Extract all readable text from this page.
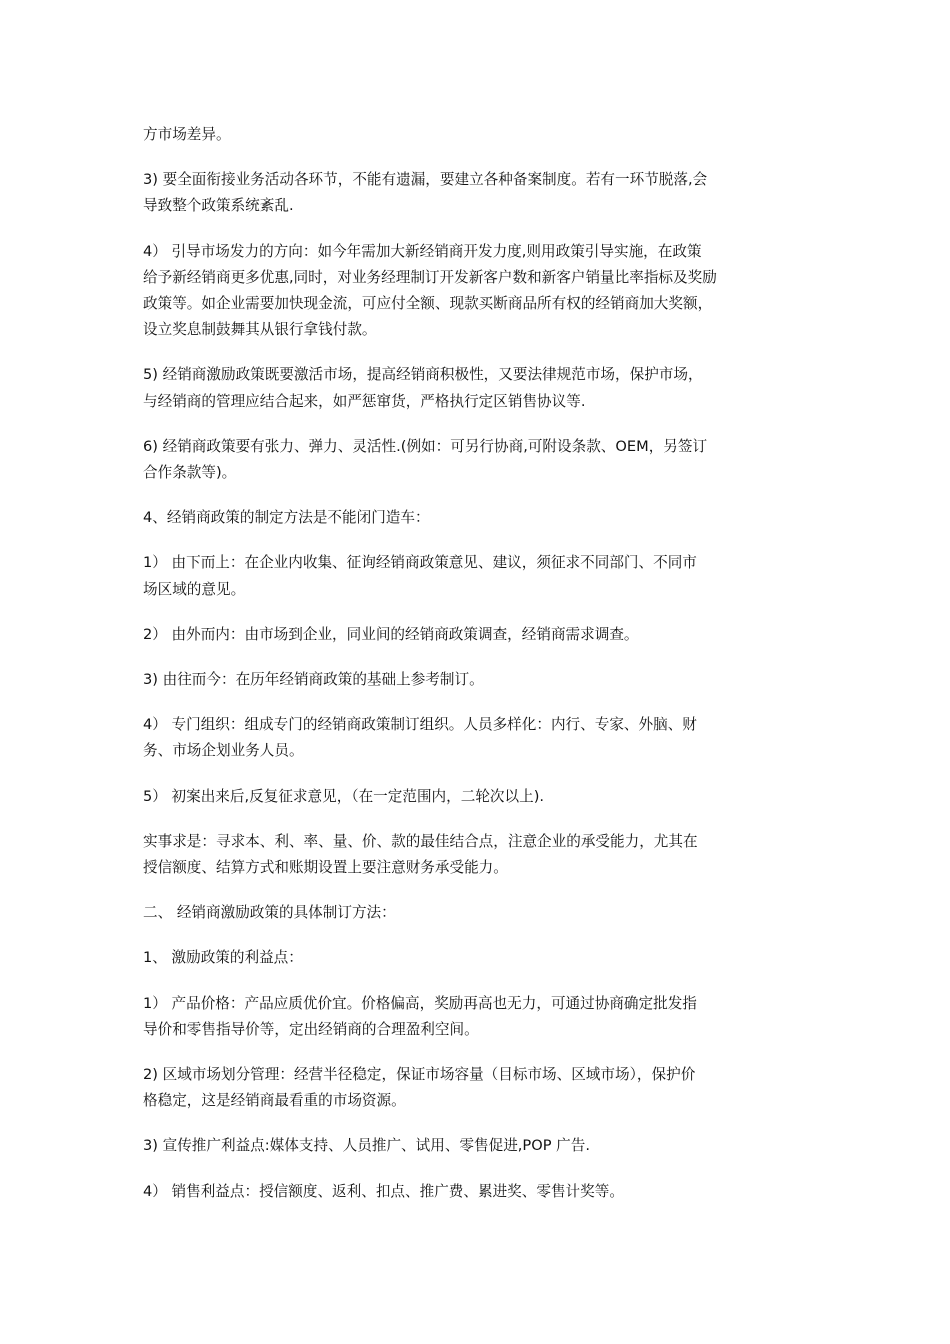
方市场差异。

3) 要全面衔接业务活动各环节，不能有遗漏，要建立各种备案制度。若有一环节脱落,会
导致整个政策系统紊乱.

4） 引导市场发力的方向：如今年需加大新经销商开发力度,则用政策引导实施，在政策
给予新经销商更多优惠,同时，对业务经理制订开发新客户数和新客户销量比率指标及奖励
政策等。如企业需要加快现金流，可应付全额、现款买断商品所有权的经销商加大奖额，
设立奖息制鼓舞其从银行拿钱付款。

5) 经销商激励政策既要激活市场，提高经销商积极性，又要法律规范市场，保护市场，
与经销商的管理应结合起来，如严惩窜货，严格执行定区销售协议等.

6) 经销商政策要有张力、弹力、灵活性.(例如：可另行协商,可附设条款、OEM，另签订
合作条款等)。

4、经销商政策的制定方法是不能闭门造车：

1） 由下而上：在企业内收集、征询经销商政策意见、建议，须征求不同部门、不同市
场区域的意见。

2） 由外而内：由市场到企业，同业间的经销商政策调查，经销商需求调查。

3) 由往而今：在历年经销商政策的基础上参考制订。

4） 专门组织：组成专门的经销商政策制订组织。人员多样化：内行、专家、外脑、财
务、市场企划业务人员。

5） 初案出来后,反复征求意见，（在一定范围内，二轮次以上).

实事求是：寻求本、利、率、量、价、款的最佳结合点，注意企业的承受能力，尤其在
授信额度、结算方式和账期设置上要注意财务承受能力。

二、 经销商激励政策的具体制订方法：

1、 激励政策的利益点：

1） 产品价格：产品应质优价宜。价格偏高，奖励再高也无力，可通过协商确定批发指
导价和零售指导价等，定出经销商的合理盈利空间。

2) 区域市场划分管理：经营半径稳定，保证市场容量（目标市场、区域市场），保护价
格稳定，这是经销商最看重的市场资源。

3) 宣传推广利益点:媒体支持、人员推广、试用、零售促进,POP 广告.

4） 销售利益点：授信额度、返利、扣点、推广费、累进奖、零售计奖等。
